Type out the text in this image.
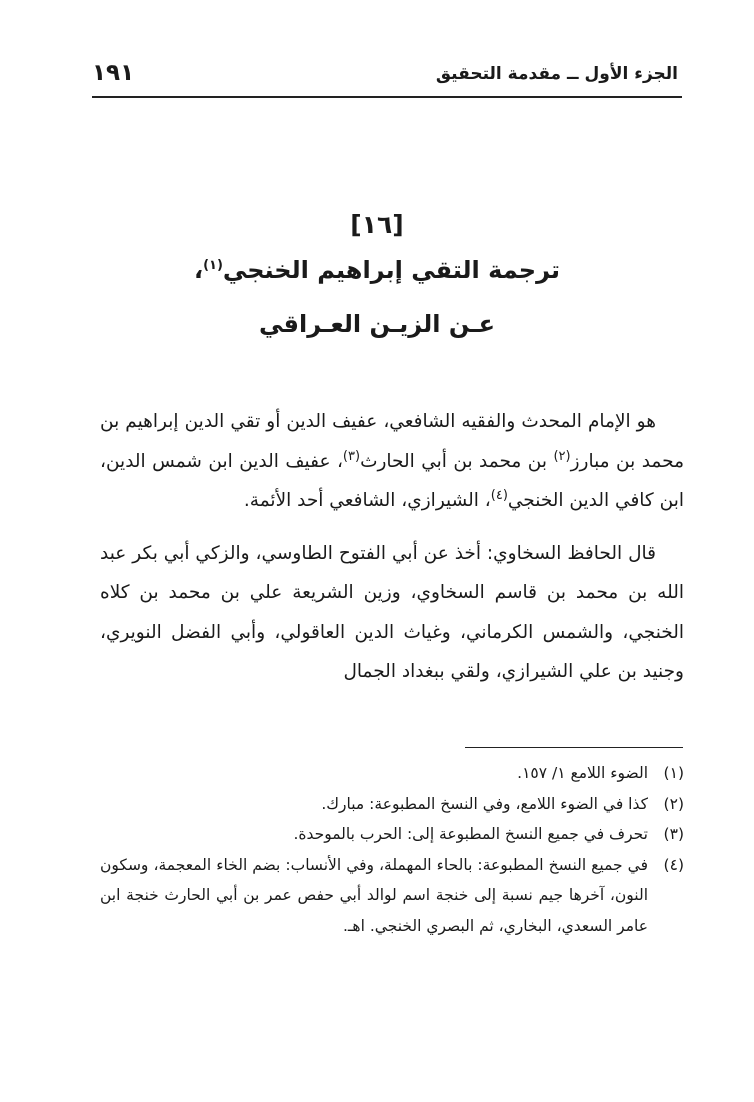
الجزء الأول ــ مقدمة التحقيق
١٩١
[١٦]
ترجمة التقي إبراهيم الخنجي$^{(١)}$،
عـن الزيـن العـراقي

هو الإمام المحدث والفقيه الشافعي، عفيف الدين أو تقي الدين إبراهيم بن محمد بن مبارز$^{(٢)}$ بن محمد بن أبي الحارث$^{(٣)}$، عفيف الدين ابن شمس الدين، ابن كافي الدين الخنجي$^{(٤)}$، الشيرازي، الشافعي أحد الأئمة.

قال الحافظ السخاوي: أخذ عن أبي الفتوح الطاوسي، والزكي أبي بكر عبد الله بن محمد بن قاسم السخاوي، وزين الشريعة علي بن محمد بن كلاه الخنجي، والشمس الكرماني، وغياث الدين العاقولي، وأبي الفضل النويري، وجنيد بن علي الشيرازي، ولقي ببغداد الجمال

(١)
الضوء اللامع ١/ ١٥٧.
(٢)
كذا في الضوء اللامع، وفي النسخ المطبوعة: مبارك.
(٣)
تحرف في جميع النسخ المطبوعة إلى: الحرب بالموحدة.
(٤)
في جميع النسخ المطبوعة: بالحاء المهملة، وفي الأنساب: بضم الخاء المعجمة، وسكون النون، آخرها جيم نسبة إلى خنجة اسم لوالد أبي حفص عمر بن أبي الحارث خنجة ابن عامر السعدي، البخاري، ثم البصري الخنجي. اهـ.
